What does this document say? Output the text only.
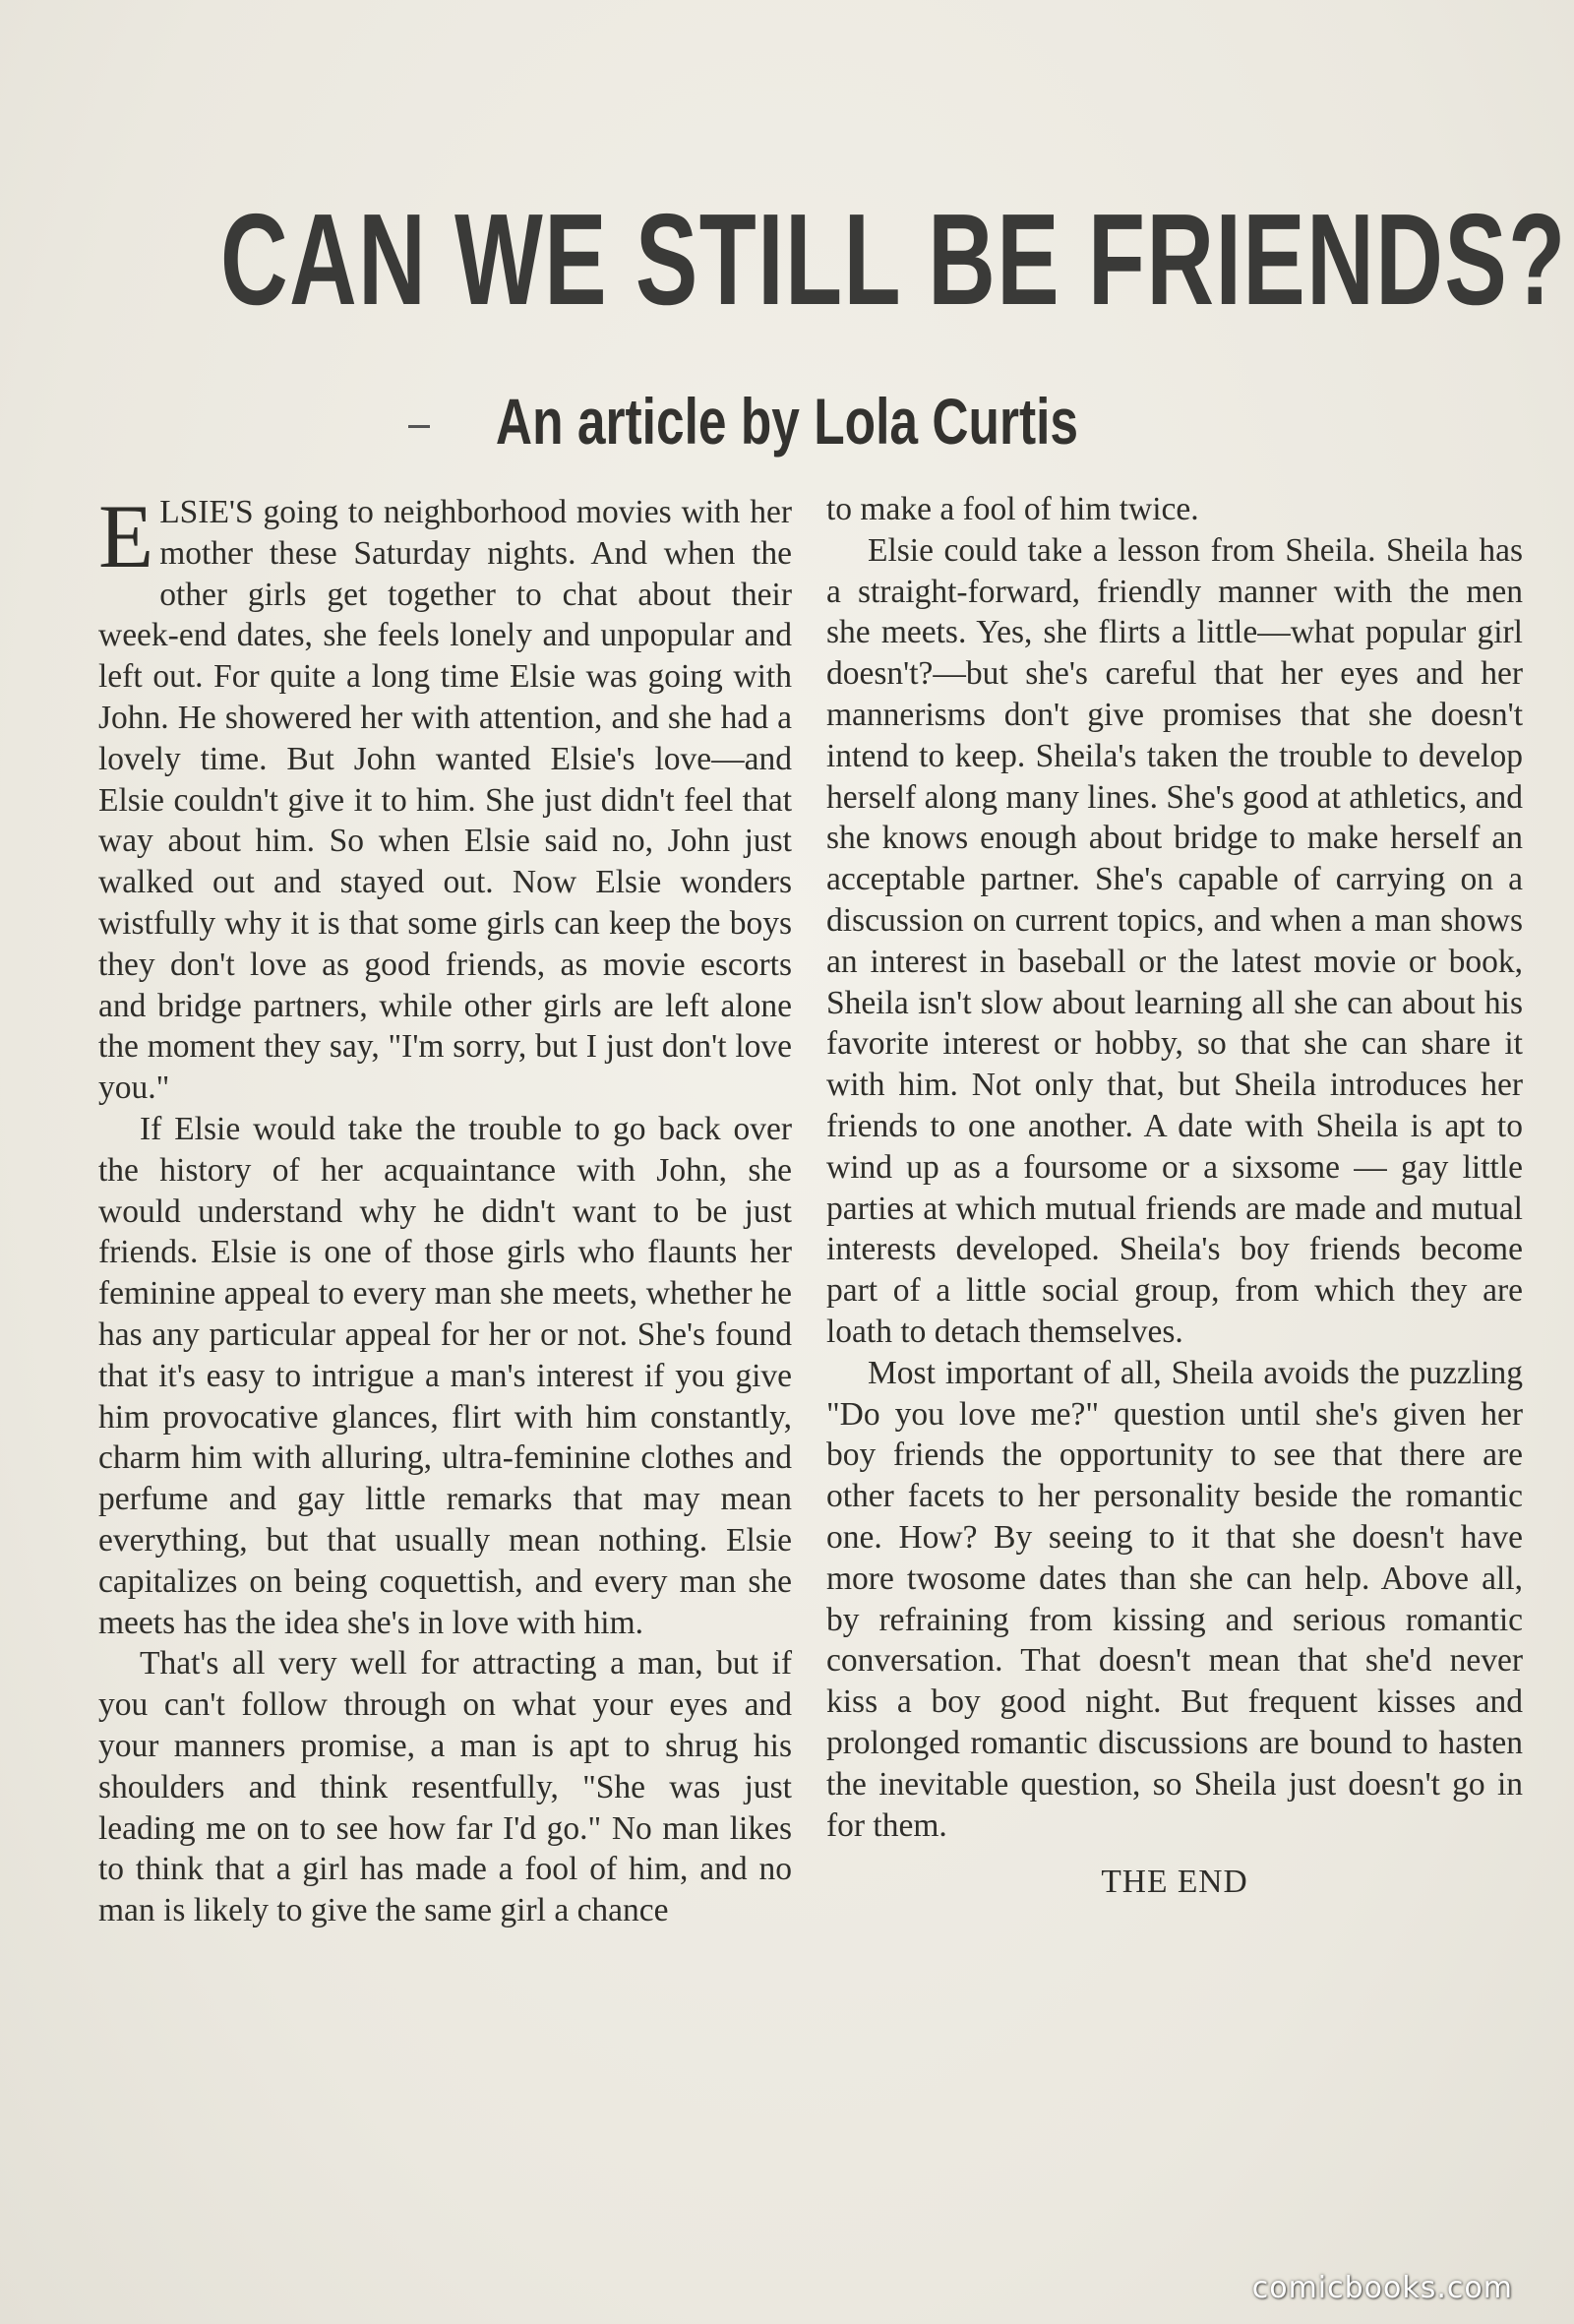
CAN WE STILL BE FRIENDS?
An article by Lola Curtis

ELSIE'S going to neighborhood movies with her mother these Saturday nights. And when the other girls get together to chat about their week-end dates, she feels lonely and unpopular and left out. For quite a long time Elsie was going with John. He showered her with attention, and she had a lovely time. But John wanted Elsie's love—and Elsie couldn't give it to him. She just didn't feel that way about him. So when Elsie said no, John just walked out and stayed out. Now Elsie wonders wistfully why it is that some girls can keep the boys they don't love as good friends, as movie escorts and bridge partners, while other girls are left alone the moment they say, "I'm sorry, but I just don't love you."

If Elsie would take the trouble to go back over the history of her acquaintance with John, she would understand why he didn't want to be just friends. Elsie is one of those girls who flaunts her feminine appeal to every man she meets, whether he has any particular appeal for her or not. She's found that it's easy to intrigue a man's interest if you give him provocative glances, flirt with him constantly, charm him with alluring, ultra-feminine clothes and perfume and gay little remarks that may mean everything, but that usually mean nothing. Elsie capitalizes on being coquettish, and every man she meets has the idea she's in love with him.

That's all very well for attracting a man, but if you can't follow through on what your eyes and your manners promise, a man is apt to shrug his shoulders and think resentfully, "She was just leading me on to see how far I'd go." No man likes to think that a girl has made a fool of him, and no man is likely to give the same girl a chance

to make a fool of him twice.

Elsie could take a lesson from Sheila. Sheila has a straight-forward, friendly manner with the men she meets. Yes, she flirts a little—what popular girl doesn't?—but she's careful that her eyes and her mannerisms don't give promises that she doesn't intend to keep. Sheila's taken the trouble to develop herself along many lines. She's good at athletics, and she knows enough about bridge to make herself an acceptable partner. She's capable of carrying on a discussion on current topics, and when a man shows an interest in baseball or the latest movie or book, Sheila isn't slow about learning all she can about his favorite interest or hobby, so that she can share it with him. Not only that, but Sheila introduces her friends to one another. A date with Sheila is apt to wind up as a foursome or a sixsome — gay little parties at which mutual friends are made and mutual interests developed. Sheila's boy friends become part of a little social group, from which they are loath to detach themselves.

Most important of all, Sheila avoids the puzzling "Do you love me?" question until she's given her boy friends the opportunity to see that there are other facets to her personality beside the romantic one. How? By seeing to it that she doesn't have more twosome dates than she can help. Above all, by refraining from kissing and serious romantic conversation. That doesn't mean that she'd never kiss a boy good night. But frequent kisses and prolonged romantic discussions are bound to hasten the inevitable question, so Sheila just doesn't go in for them.

THE END

comicbooks.com
